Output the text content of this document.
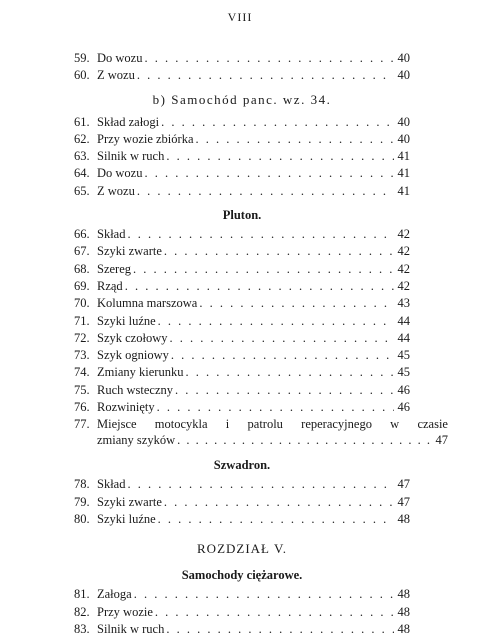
VIII
59. Do wozu . .	40
60. Z wozu . .	40
b) Samochód panc. wz. 34.
61. Skład załogi . .	40
62. Przy wozie zbiórka . .	40
63. Silnik w ruch . .	41
64. Do wozu . .	41
65. Z wozu . .	41
Pluton.
66. Skład . .	42
67. Szyki zwarte . .	42
68. Szereg . .	42
69. Rząd . .	42
70. Kolumna marszowa . .	43
71. Szyki luźne . .	44
72. Szyk czołowy . .	44
73. Szyk ogniowy . .	45
74. Zmiany kierunku . .	45
75. Ruch wsteczny . .	46
76. Rozwinięty . .	46
77. Miejsce motocykla i patrolu reperacyjnego w czasie
zmiany szyków . .	47
Szwadron.
78. Skład . .	47
79. Szyki zwarte . .	47
80. Szyki luźne . .	48
ROZDZIAŁ V.
Samochody ciężarowe.
81. Załoga . .	48
82. Przy wozie . .	48
83. Silnik w ruch . .	48
